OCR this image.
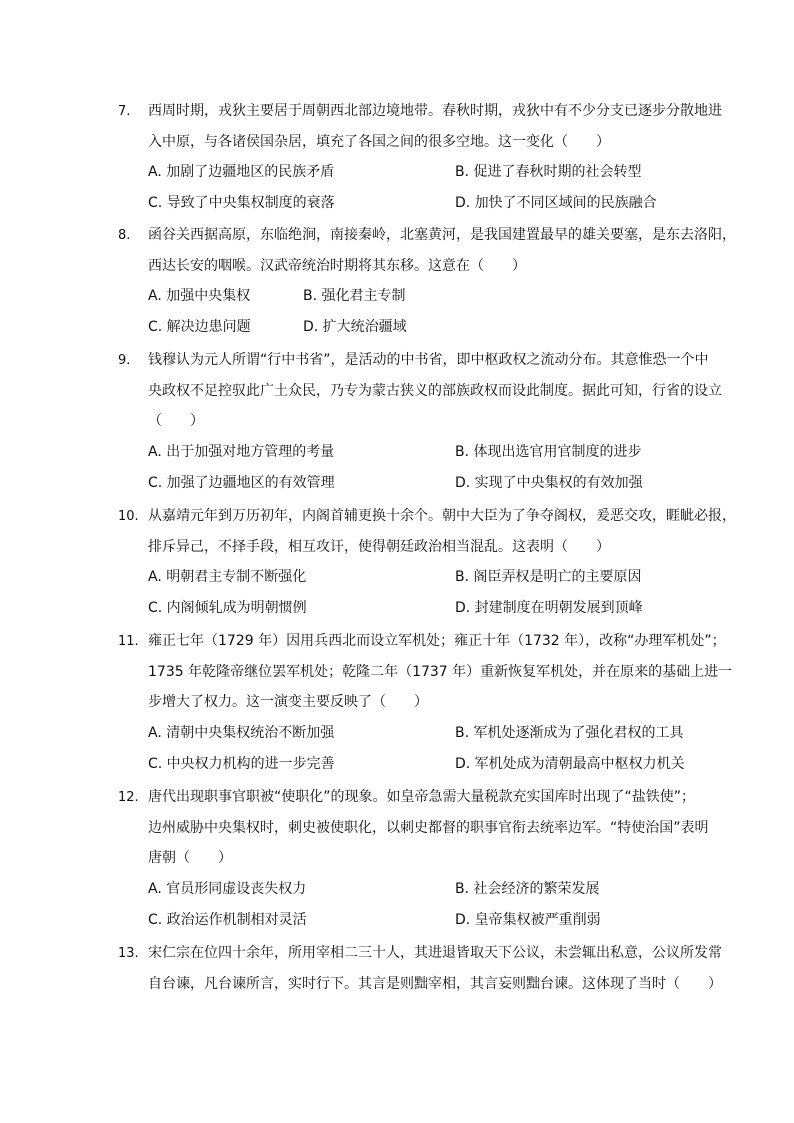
7.	西周时期，戎狄主要居于周朝西北部边境地带。春秋时期，戎狄中有不少分支已逐步分散地进
入中原，与各诸侯国杂居，填充了各国之间的很多空地。这一变化（　　）
A. 加剧了边疆地区的民族矛盾	B. 促进了春秋时期的社会转型
C. 导致了中央集权制度的衰落	D. 加快了不同区域间的民族融合
8.	函谷关西据高原，东临绝涧，南接秦岭，北塞黄河，是我国建置最早的雄关要塞，是东去洛阳，
西达长安的咽喉。汉武帝统治时期将其东移。这意在（　　）
A. 加强中央集权	B. 强化君主专制
C. 解决边患问题	D. 扩大统治疆域
9.	钱穆认为元人所谓“行中书省”，是活动的中书省，即中枢政权之流动分布。其意惟恐一个中
央政权不足控驭此广土众民，乃专为蒙古狭义的部族政权而设此制度。据此可知，行省的设立
（　　）
A. 出于加强对地方管理的考量	B. 体现出选官用官制度的进步
C. 加强了边疆地区的有效管理	D. 实现了中央集权的有效加强
10. 从嘉靖元年到万历初年，内阁首辅更换十余个。朝中大臣为了争夺阁权，爰恶交攻，睚眦必报，
排斥异己，不择手段，相互攻讦，使得朝廷政治相当混乱。这表明（　　）
A. 明朝君主专制不断强化	B. 阁臣弄权是明亡的主要原因
C. 内阁倾轧成为明朝惯例	D. 封建制度在明朝发展到顶峰
11. 雍正七年（1729 年）因用兵西北而设立军机处；雍正十年（1732 年），改称“办理军机处”；
1735 年乾隆帝继位罢军机处；乾隆二年（1737 年）重新恢复军机处，并在原来的基础上进一
步增大了权力。这一演变主要反映了（　　）
A. 清朝中央集权统治不断加强	B. 军机处逐渐成为了强化君权的工具
C. 中央权力机构的进一步完善	D. 军机处成为清朝最高中枢权力机关
12. 唐代出现职事官职被“使职化”的现象。如皇帝急需大量税款充实国库时出现了“盐铁使”；
边州威胁中央集权时，刺史被使职化，以刺史都督的职事官衔去统率边军。“特使治国”表明
唐朝（　　）
A. 官员形同虚设丧失权力	B. 社会经济的繁荣发展
C. 政治运作机制相对灵活	D. 皇帝集权被严重削弱
13. 宋仁宗在位四十余年，所用宰相二三十人，其进退皆取天下公议，未尝辄出私意，公议所发常
自台谏，凡台谏所言，实时行下。其言是则黜宰相，其言妄则黜台谏。这体现了当时（　　）
